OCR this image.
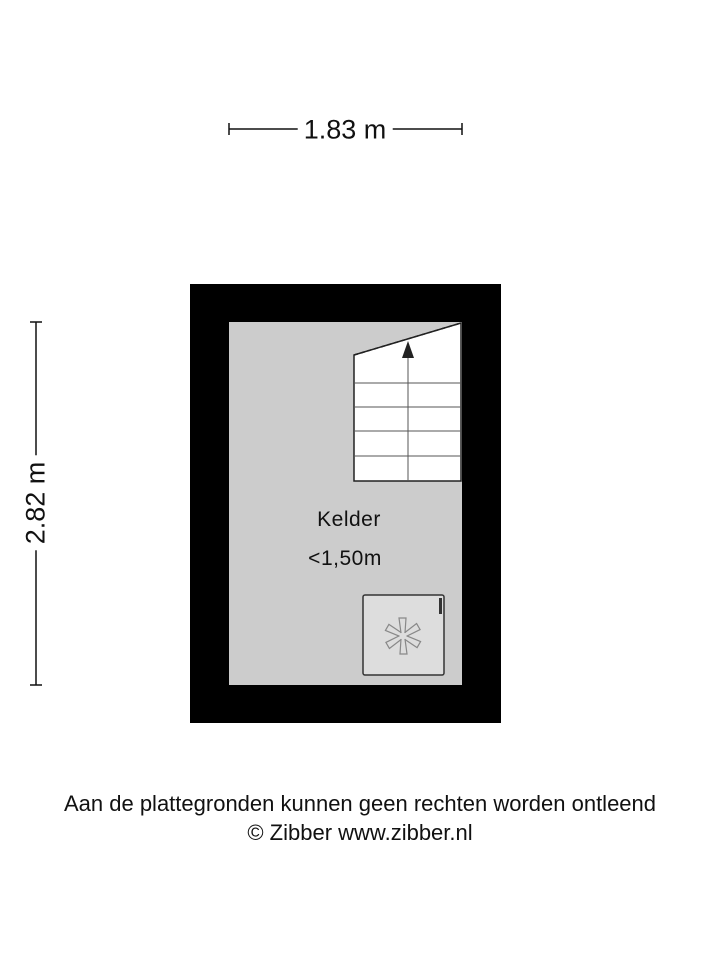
1.83 m
2.82 m	Kelder
<1,50m
Aan de plattegronden kunnen geen rechten worden ontleend
© Zibber www.zibber.nl
